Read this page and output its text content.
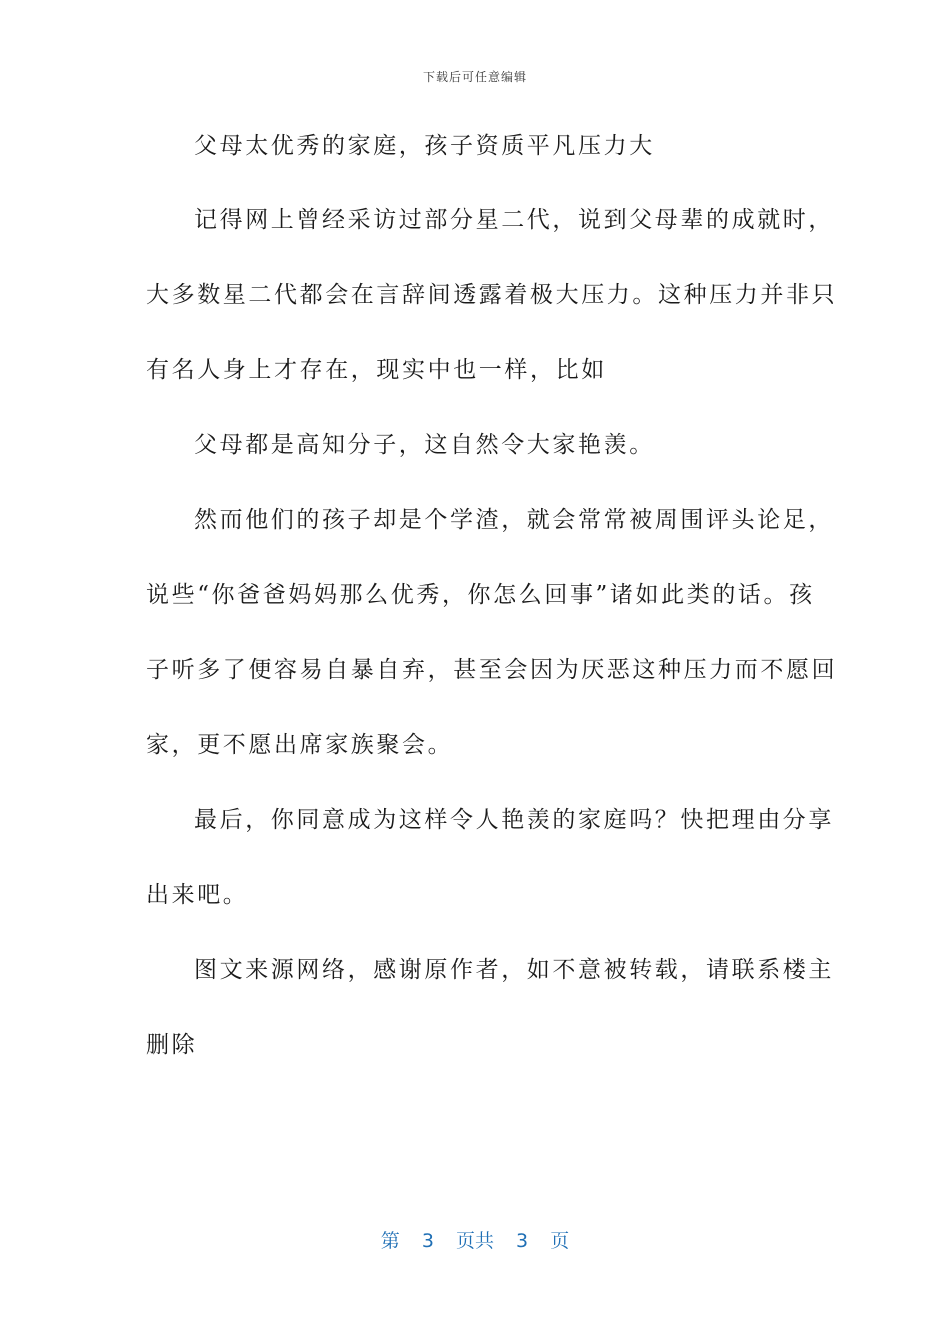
下载后可任意编辑
父母太优秀的家庭，孩子资质平凡压力大
记得网上曾经采访过部分星二代，说到父母辈的成就时，
大多数星二代都会在言辞间透露着极大压力。这种压力并非只
有名人身上才存在，现实中也一样，比如
父母都是高知分子，这自然令大家艳羡。
然而他们的孩子却是个学渣，就会常常被周围评头论足，
说些“你爸爸妈妈那么优秀，你怎么回事”诸如此类的话。孩
子听多了便容易自暴自弃，甚至会因为厌恶这种压力而不愿回
家，更不愿出席家族聚会。
最后，你同意成为这样令人艳羡的家庭吗？快把理由分享
出来吧。
图文来源网络，感谢原作者，如不意被转载，请联系楼主
删除
第 3 页共 3 页
